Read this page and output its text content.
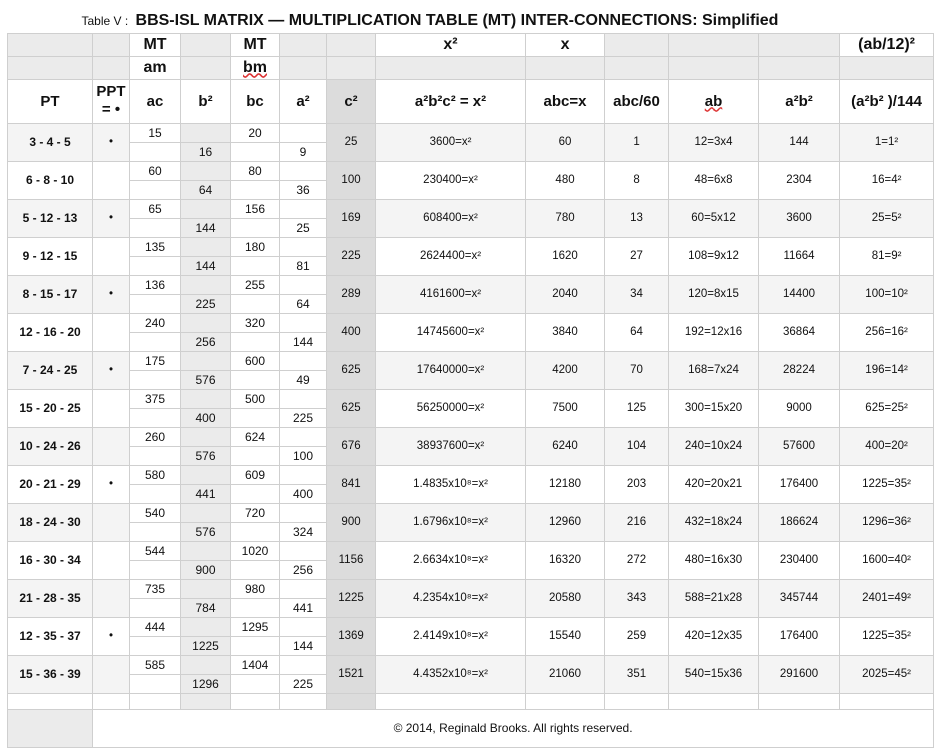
Table V :		BBS-ISL MATRIX — MULTIPLICATION TABLE (MT) INTER-CONNECTIONS: Simplified										
		MT		MT			x²	x				(ab/12)²
		am		bm								
PT	PPT = •	ac	b²	bc	a²	c²	a²b²c² = x²	abc=x	abc/60	ab	a²b²	(a²b² )/144
3 - 4 - 5	•	15		20		25	3600=x²	60	1	12=3x4	144	1=1²
			16		9							
6 - 8 - 10		60		80		100	230400=x²	480	8	48=6x8	2304	16=4²
			64		36							
5 - 12 - 13	•	65		156		169	608400=x²	780	13	60=5x12	3600	25=5²
			144		25							
9 - 12 - 15		135		180		225	2624400=x²	1620	27	108=9x12	11664	81=9²
			144		81							
8 - 15 - 17	•	136		255		289	4161600=x²	2040	34	120=8x15	14400	100=10²
			225		64							
12 - 16 - 20		240		320		400	14745600=x²	3840	64	192=12x16	36864	256=16²
			256		144							
7 - 24 - 25	•	175		600		625	17640000=x²	4200	70	168=7x24	28224	196=14²
			576		49							
15 - 20 - 25		375		500		625	56250000=x²	7500	125	300=15x20	9000	625=25²
			400		225							
10 - 24 - 26		260		624		676	38937600=x²	6240	104	240=10x24	57600	400=20²
			576		100							
20 - 21 - 29	•	580		609		841	1.4835x10⁸=x²	12180	203	420=20x21	176400	1225=35²
			441		400							
18 - 24 - 30		540		720		900	1.6796x10⁸=x²	12960	216	432=18x24	186624	1296=36²
			576		324							
16 - 30 - 34		544		1020		1156	2.6634x10⁸=x²	16320	272	480=16x30	230400	1600=40²
			900		256							
21 - 28 - 35		735		980		1225	4.2354x10⁸=x²	20580	343	588=21x28	345744	2401=49²
			784		441							
12 - 35 - 37	•	444		1295		1369	2.4149x10⁸=x²	15540	259	420=12x35	176400	1225=35²
			1225		144							
15 - 36 - 39		585		1404		1521	4.4352x10⁸=x²	21060	351	540=15x36	291600	2025=45²
			1296		225							

	© 2014, Reginald Brooks. All rights reserved.											
